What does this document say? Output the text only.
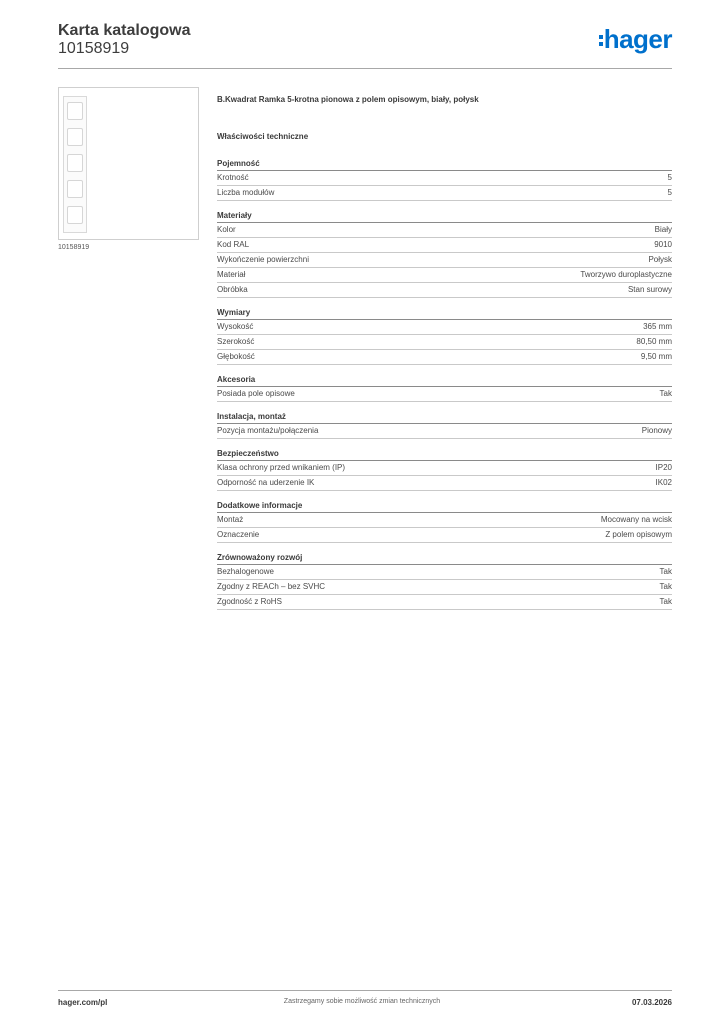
Karta katalogowa
10158919	hager
10158919
B.Kwadrat Ramka 5-krotna pionowa z polem opisowym, biały, połysk
Właściwości techniczne
Pojemność
Krotność	5
Liczba modułów	5
Materiały
Kolor	Biały
Kod RAL	9010
Wykończenie powierzchni	Połysk
Materiał	Tworzywo duroplastyczne
Obróbka	Stan surowy
Wymiary
Wysokość	365 mm
Szerokość	80,50 mm
Głębokość	9,50 mm
Akcesoria
Posiada pole opisowe	Tak
Instalacja, montaż
Pozycja montażu/połączenia	Pionowy
Bezpieczeństwo
Klasa ochrony przed wnikaniem (IP)	IP20
Odporność na uderzenie IK	IK02
Dodatkowe informacje
Montaż	Mocowany na wcisk
Oznaczenie	Z polem opisowym
Zrównoważony rozwój
Bezhalogenowe	Tak
Zgodny z REACh – bez SVHC	Tak
Zgodność z RoHS	Tak
hager.com/pl	Zastrzegamy sobie możliwość zmian technicznych	07.03.2026
